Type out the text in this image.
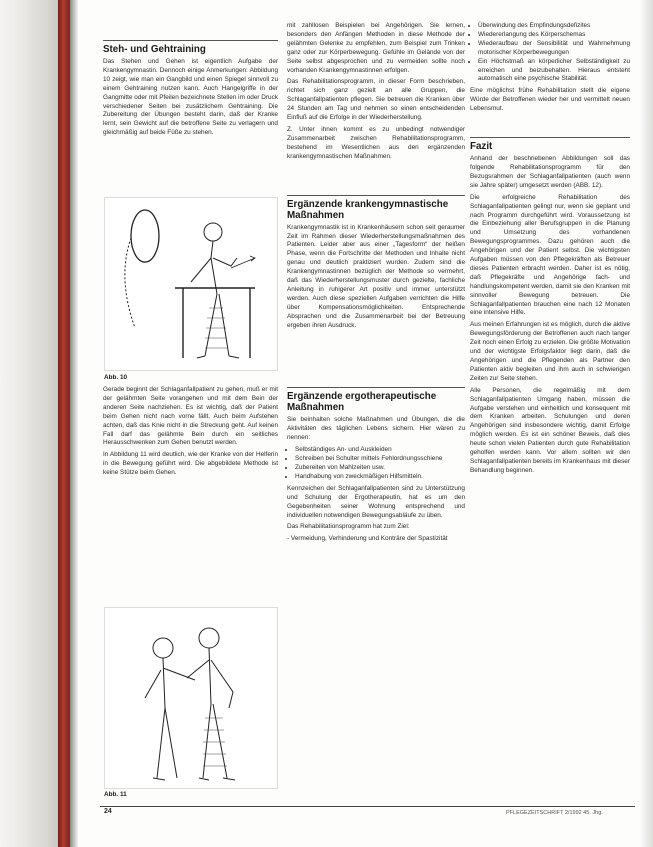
Steh- und Gehtraining

Das Stehen und Gehen ist eigentlich Aufgabe der Krankengymnastin. Dennoch einige Anmerkungen: Abbildung 10 zeigt, wie man ein Gangbild und einen Spiegel sinnvoll zu einem Gehtraining nutzen kann. Auch Hangelgriffe in der Gangmitte oder mit Pfeilen bezeichnete Stellen im oder Druck verschiedener Seiten bei zusätzlichem Gehtraining. Die Zubereitung der Übungen besteht darin, daß der Kranke lernt, sein Gewicht auf die betroffene Seite zu verlagern und gleichmäßig auf beide Füße zu stehen.

Abb. 10

Gerade beginnt der Schlaganfallpatient zu gehen, muß er mit der gelähmten Seite vorangehen und mit dem Bein der anderen Seite nachziehen. Es ist wichtig, daß der Patient beim Gehen nicht nach vorne fällt. Auch beim Aufstehen achten, daß das Knie nicht in die Streckung geht. Auf keinen Fall darf das gelähmte Bein durch ein seitliches Herausschwenken zum Gehen benutzt werden.

In Abbildung 11 wird deutlich, wie der Kranke von der Helferin in die Bewegung geführt wird. Die abgebildete Methode ist keine Stütze beim Gehen.

Abb. 11

mit zahllosen Beispielen bei Angehörigen. Sie lernen, besonders den Anfängen Methoden in diese Methode der gelähmten Gelenke zu empfehlen, zum Beispiel zum Trinken ganz oder zur Körperbewegung. Gefühle im Gelände von der Seite selbst abgesprochen und zu vermeiden sollte noch vorhanden Krankengymnastinnen erfolgen.

Das Rehabilitationsprogramm, in dieser Form beschrieben, richtet sich ganz gezielt an alle Gruppen, die Schlaganfallpatienten pflegen. Sie betreuen die Kranken über 24 Stunden am Tag und nehmen so einen entscheidenden Einfluß auf die Erfolge in der Wiederherstellung.

Z. Unter ihnen kommt es zu unbedingt notwendiger Zusammenarbeit zwischen Rehabilitationsprogramm, bestehend im Wesentlichen aus den ergänzenden krankengymnastischen Maßnahmen.

Ergänzende krankengymnastische Maßnahmen

Krankengymnastik ist in Krankenhäusern schon seit geraumer Zeit im Rahmen dieser Wiederherstellungsmaßnahmen des Patienten. Leider aber aus einer „Tagesform“ der heißen Phase, wenn die Fortschritte der Methoden und Inhalte nicht genau und deutlich praktiziert wurden. Zudem sind die Krankengymnastinnen bezüglich der Methode so vermehrt, daß das Wiederherstellungsmuster durch gezielte, fachliche Anleitung in ruhigerer Art positiv und immer unterstützt werden. Auch diese speziellen Aufgaben verrichten die Hilfe über Kompensationsmöglichkeiten. Entsprechende Absprachen und die Zusammenarbeit bei der Betreuung ergeben ihren Ausdruck.

Ergänzende ergotherapeutische Maßnahmen

Sie beinhalten solche Maßnahmen und Übungen, die die Aktivitäten des täglichen Lebens sichern. Hier wären zu nennen:

• Selbständiges An- und Auskleiden
• Schreiben bei Schulter mittels Fehlordnungsschiene
• Zubereiten von Mahlzeiten usw.
• Handhabung von zweckmäßigen Hilfsmitteln.

Kennzeichen der Schlaganfallpatienten sind zu Unterstützung und Schulung der Ergotherapeutin, hat es um den Gegebenheiten seiner Wohnung entsprechend und individuellen notwendigen Bewegungsabläufe zu üben.

Das Rehabilitationsprogramm hat zum Ziel:

- Vermeidung, Verhinderung und Konträre der Spastizität

• Überwindung des Empfindungsdefizites
• Wiedererlangung des Körperschemas
• Wiederaufbau der Sensibilität und Wahrnehmung motorischer Körperbewegungen
• Ein Höchstmaß an körperlicher Selbständigkeit zu erreichen und beizubehalten. Hieraus entsteht automatisch eine psychische Stabilität.

Eine möglichst frühe Rehabilitation stellt die eigene Würde der Betroffenen wieder her und vermittelt neuen Lebensmut.

Fazit

Anhand der beschriebenen Abbildungen soll das folgende Rehabilitationsprogramm für den Bezugsrahmen der Schlaganfallpatienten (auch wenn sie Jahre später) umgesetzt werden (ABB. 12).

Die erfolgreiche Rehabilitation des Schlaganfallpatienten gelingt nur, wenn sie geplant und nach Programm durchgeführt wird. Voraussetzung ist die Einbeziehung aller Berufsgruppen in die Planung und Umsetzung des vorhandenen Bewegungsprogrammes. Dazu gehören auch die Angehörigen und der Patient selbst. Die wichtigsten Aufgaben müssen von den Pflegekräften als Betreuer dieses Patienten erbracht werden. Daher ist es nötig, daß Pflegekräfte und Angehörige fach- und handlungskompetent werden, damit sie den Kranken mit sinnvoller Bewegung betreuen. Die Schlaganfallpatienten brauchen eine nach 12 Monaten eine intensive Hilfe.

Aus meinen Erfahrungen ist es möglich, durch die aktive Bewegungsförderung der Betroffenen auch nach langer Zeit noch einen Erfolg zu erzielen. Die größte Motivation und der wichtigste Erfolgsfaktor liegt darin, daß die Angehörigen und die Pflegenden als Partner den Patienten aktiv begleiten und ihm auch in schwierigen Zeiten zur Seite stehen.

Alle Personen, die regelmäßig mit dem Schlaganfallpatienten Umgang haben, müssen die Aufgabe verstehen und einheitlich und konsequent mit dem Kranken arbeiten. Schulungen und deren Angehörigen sind insbesondere wichtig, damit Erfolge möglich werden. Es ist ein schöner Beweis, daß dies heute schon vielen Patienten durch gute Rehabilitation geholfen werden kann. Vor allem sollten wir den Schlaganfallpatienten bereits im Krankenhaus mit dieser Behandlung beginnen.

24	PFLEGEZEITSCHRIFT 2/1992 45. Jhg.
